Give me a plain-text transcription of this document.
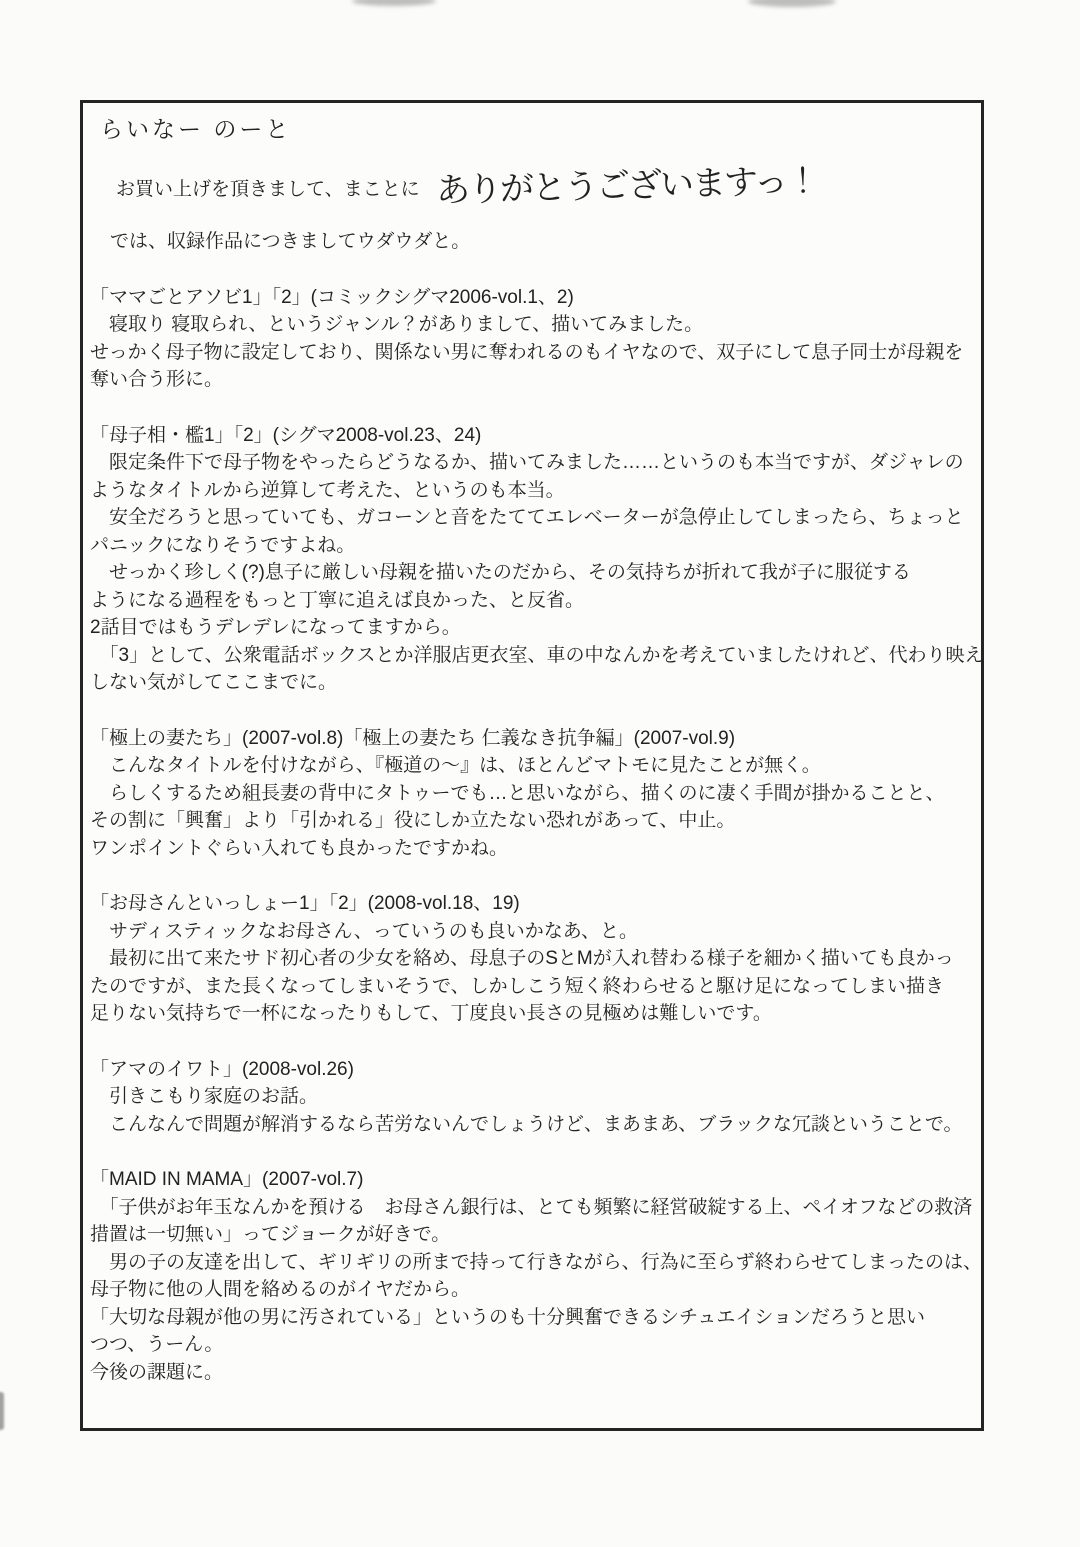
らいなー のーと
お買い上げを頂きまして、まことに ありがとうございますっ！
では、収録作品につきましてウダウダと。
「ママごとアソビ1」「2」(コミックシグマ2006-vol.1、2)
　寝取り 寝取られ、というジャンル？がありまして、描いてみました。
せっかく母子物に設定しており、関係ない男に奪われるのもイヤなので、双子にして息子同士が母親を
奪い合う形に。
「母子相・檻1」「2」(シグマ2008-vol.23、24)
　限定条件下で母子物をやったらどうなるか、描いてみました……というのも本当ですが、ダジャレの
ようなタイトルから逆算して考えた、というのも本当。
　安全だろうと思っていても、ガコーンと音をたててエレベーターが急停止してしまったら、ちょっと
パニックになりそうですよね。
　せっかく珍しく(?)息子に厳しい母親を描いたのだから、その気持ちが折れて我が子に服従する
ようになる過程をもっと丁寧に追えば良かった、と反省。
2話目ではもうデレデレになってますから。
　「3」として、公衆電話ボックスとか洋服店更衣室、車の中なんかを考えていましたけれど、代わり映え
しない気がしてここまでに。
「極上の妻たち」(2007-vol.8)「極上の妻たち 仁義なき抗争編」(2007-vol.9)
　こんなタイトルを付けながら、『極道の～』は、ほとんどマトモに見たことが無く。
　らしくするため組長妻の背中にタトゥーでも…と思いながら、描くのに凄く手間が掛かることと、
その割に「興奮」より「引かれる」役にしか立たない恐れがあって、中止。
ワンポイントぐらい入れても良かったですかね。
「お母さんといっしょー1」「2」(2008-vol.18、19)
　サディスティックなお母さん、っていうのも良いかなあ、と。
　最初に出て来たサド初心者の少女を絡め、母息子のSとMが入れ替わる様子を細かく描いても良かっ
たのですが、また長くなってしまいそうで、しかしこう短く終わらせると駆け足になってしまい描き
足りない気持ちで一杯になったりもして、丁度良い長さの見極めは難しいです。
「アマのイワト」(2008-vol.26)
　引きこもり家庭のお話。
　こんなんで問題が解消するなら苦労ないんでしょうけど、まあまあ、ブラックな冗談ということで。
「MAID IN MAMA」(2007-vol.7)
　「子供がお年玉なんかを預ける　お母さん銀行は、とても頻繁に経営破綻する上、ペイオフなどの救済
措置は一切無い」ってジョークが好きで。
　男の子の友達を出して、ギリギリの所まで持って行きながら、行為に至らず終わらせてしまったのは、
母子物に他の人間を絡めるのがイヤだから。
「大切な母親が他の男に汚されている」というのも十分興奮できるシチュエイションだろうと思い
つつ、うーん。
今後の課題に。
